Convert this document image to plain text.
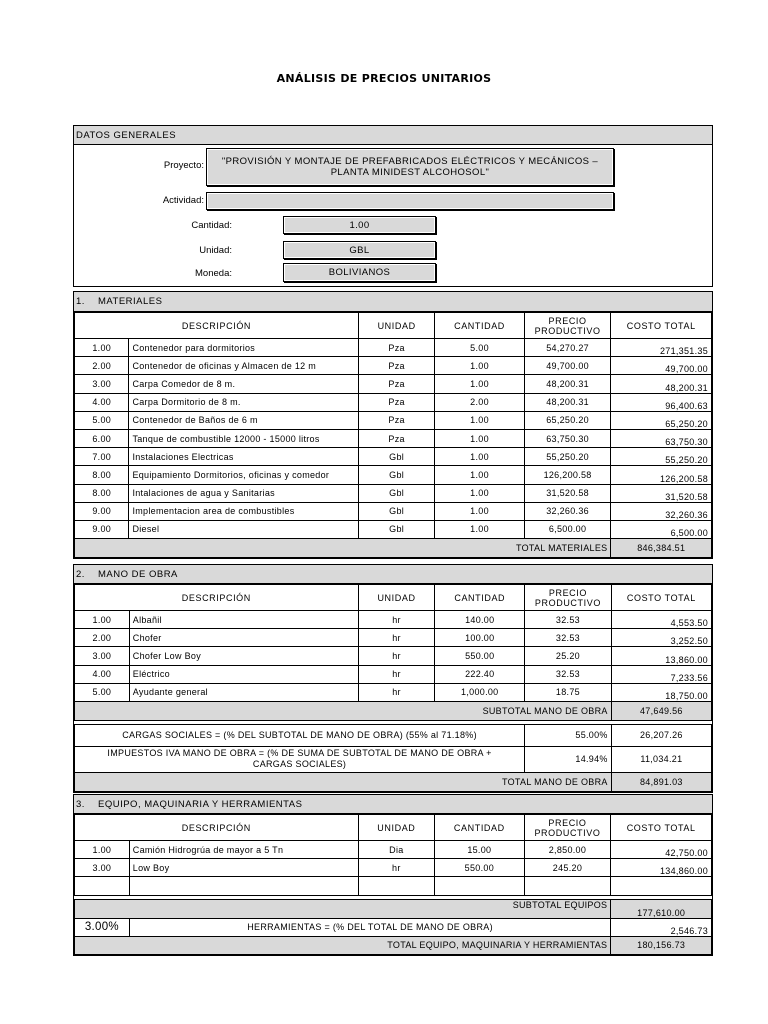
ANÁLISIS DE PRECIOS UNITARIOS
DATOS GENERALES
Proyecto: "PROVISIÓN Y MONTAJE DE PREFABRICADOS ELÉCTRICOS Y MECÁNICOS –
PLANTA MINIDEST ALCOHOSOL"
Actividad:
Cantidad:	1.00
Unidad:	GBL
Moneda:	BOLIVIANOS
1.	MATERIALES
DESCRIPCIÓN		UNIDAD	CANTIDAD	PRECIO
PRODUCTIVO	COSTO TOTAL
1.00	Contenedor para dormitorios	Pza	5.00	54,270.27	271,351.35
2.00	Contenedor de oficinas y Almacen de 12 m	Pza	1.00	49,700.00	49,700.00
3.00	Carpa Comedor de 8 m.	Pza	1.00	48,200.31	48,200.31
4.00	Carpa Dormitorio de 8 m.	Pza	2.00	48,200.31	96,400.63
5.00	Contenedor de Baños de 6 m	Pza	1.00	65,250.20	65,250.20
6.00	Tanque de combustible 12000 - 15000 litros	Pza	1.00	63,750.30	63,750.30
7.00	Instalaciones Electricas	Gbl	1.00	55,250.20	55,250.20
8.00	Equipamiento Dormitorios, oficinas y comedor	Gbl	1.00	126,200.58	126,200.58
8.00	Intalaciones de agua y Sanitarias	Gbl	1.00	31,520.58	31,520.58
9.00	Implementacion area de combustibles	Gbl	1.00	32,260.36	32,260.36
9.00	Diesel	Gbl	1.00	6,500.00	6,500.00
TOTAL MATERIALES					846,384.51
2.	MANO DE OBRA
DESCRIPCIÓN		UNIDAD	CANTIDAD	PRECIO
PRODUCTIVO	COSTO TOTAL
1.00	Albañil	hr	140.00	32.53	4,553.50
2.00	Chofer	hr	100.00	32.53	3,252.50
3.00	Chofer Low Boy	hr	550.00	25.20	13,860.00
4.00	Eléctrico	hr	222.40	32.53	7,233.56
5.00	Ayudante general	hr	1,000.00	18.75	18,750.00
SUBTOTAL MANO DE OBRA					47,649.56

CARGAS SOCIALES = (% DEL SUBTOTAL DE MANO DE OBRA) (55% al 71.18%)				55.00%	26,207.26
IMPUESTOS IVA MANO DE OBRA = (% DE SUMA DE SUBTOTAL DE MANO DE OBRA +
CARGAS SOCIALES)				14.94%	11,034.21
TOTAL MANO DE OBRA					84,891.03
3.	EQUIPO, MAQUINARIA Y HERRAMIENTAS
DESCRIPCIÓN		UNIDAD	CANTIDAD	PRECIO
PRODUCTIVO	COSTO TOTAL
1.00	Camión Hidrogrúa de mayor a 5 Tn	Dia	15.00	2,850.00	42,750.00
3.00	Low Boy	hr	550.00	245.20	134,860.00

SUBTOTAL EQUIPOS					177,610.00
3.00%	HERRAMIENTAS = (% DEL TOTAL DE MANO DE OBRA)				2,546.73
TOTAL EQUIPO, MAQUINARIA Y HERRAMIENTAS					180,156.73
